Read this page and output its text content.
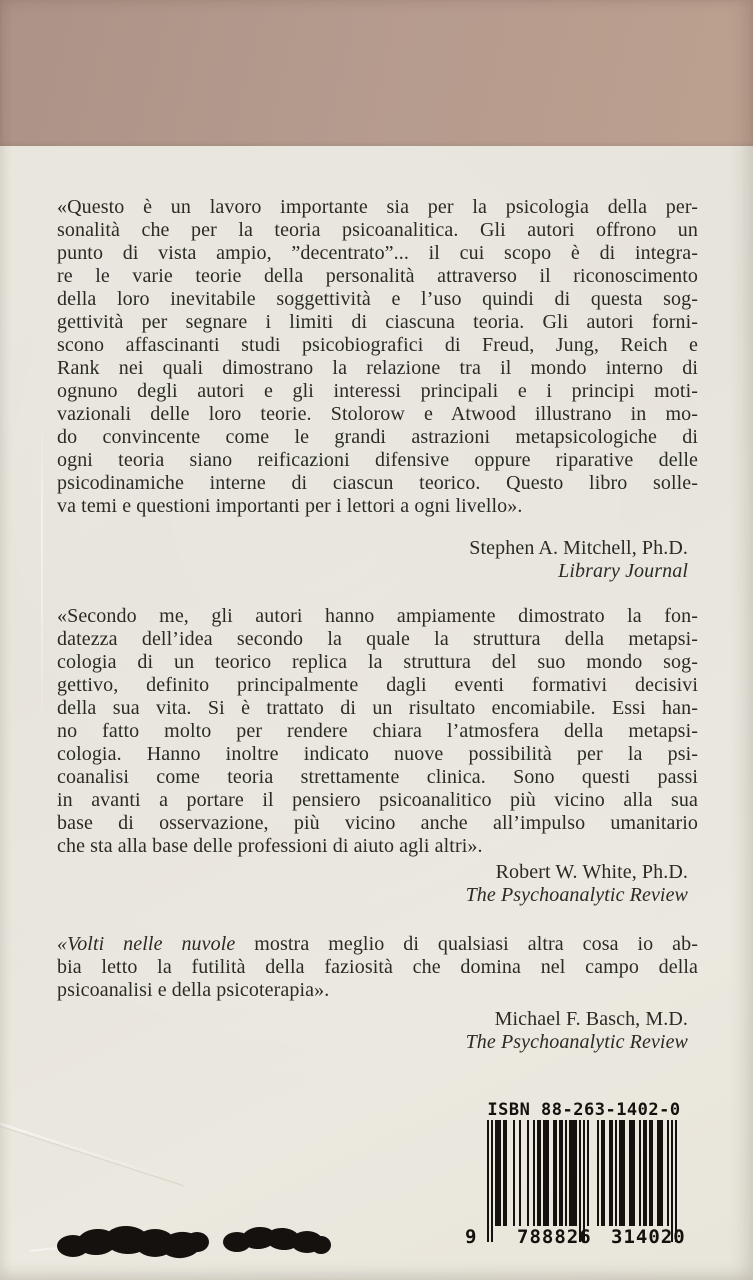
«Questo è un lavoro importante sia per la psicologia della per-
sonalità che per la teoria psicoanalitica. Gli autori offrono un
punto di vista ampio, ”decentrato”... il cui scopo è di integra-
re le varie teorie della personalità attraverso il riconoscimento
della loro inevitabile soggettività e l’uso quindi di questa sog-
gettività per segnare i limiti di ciascuna teoria. Gli autori forni-
scono affascinanti studi psicobiografici di Freud, Jung, Reich e
Rank nei quali dimostrano la relazione tra il mondo interno di
ognuno degli autori e gli interessi principali e i principi moti-
vazionali delle loro teorie. Stolorow e Atwood illustrano in mo-
do convincente come le grandi astrazioni metapsicologiche di
ogni teoria siano reificazioni difensive oppure riparative delle
psicodinamiche interne di ciascun teorico. Questo libro solle-
va temi e questioni importanti per i lettori a ogni livello».
Stephen A. Mitchell, Ph.D.
Library Journal
«Secondo me, gli autori hanno ampiamente dimostrato la fon-
datezza dell’idea secondo la quale la struttura della metapsi-
cologia di un teorico replica la struttura del suo mondo sog-
gettivo, definito principalmente dagli eventi formativi decisivi
della sua vita. Si è trattato di un risultato encomiabile. Essi han-
no fatto molto per rendere chiara l’atmosfera della metapsi-
cologia. Hanno inoltre indicato nuove possibilità per la psi-
coanalisi come teoria strettamente clinica. Sono questi passi
in avanti a portare il pensiero psicoanalitico più vicino alla sua
base di osservazione, più vicino anche all’impulso umanitario
che sta alla base delle professioni di aiuto agli altri».
Robert W. White, Ph.D.
The Psychoanalytic Review
«Volti nelle nuvole mostra meglio di qualsiasi altra cosa io ab-
bia letto la futilità della faziosità che domina nel campo della
psicoanalisi e della psicoterapia».
Michael F. Basch, M.D.
The Psychoanalytic Review
ISBN 88-263-1402-0
9 788826 314020
